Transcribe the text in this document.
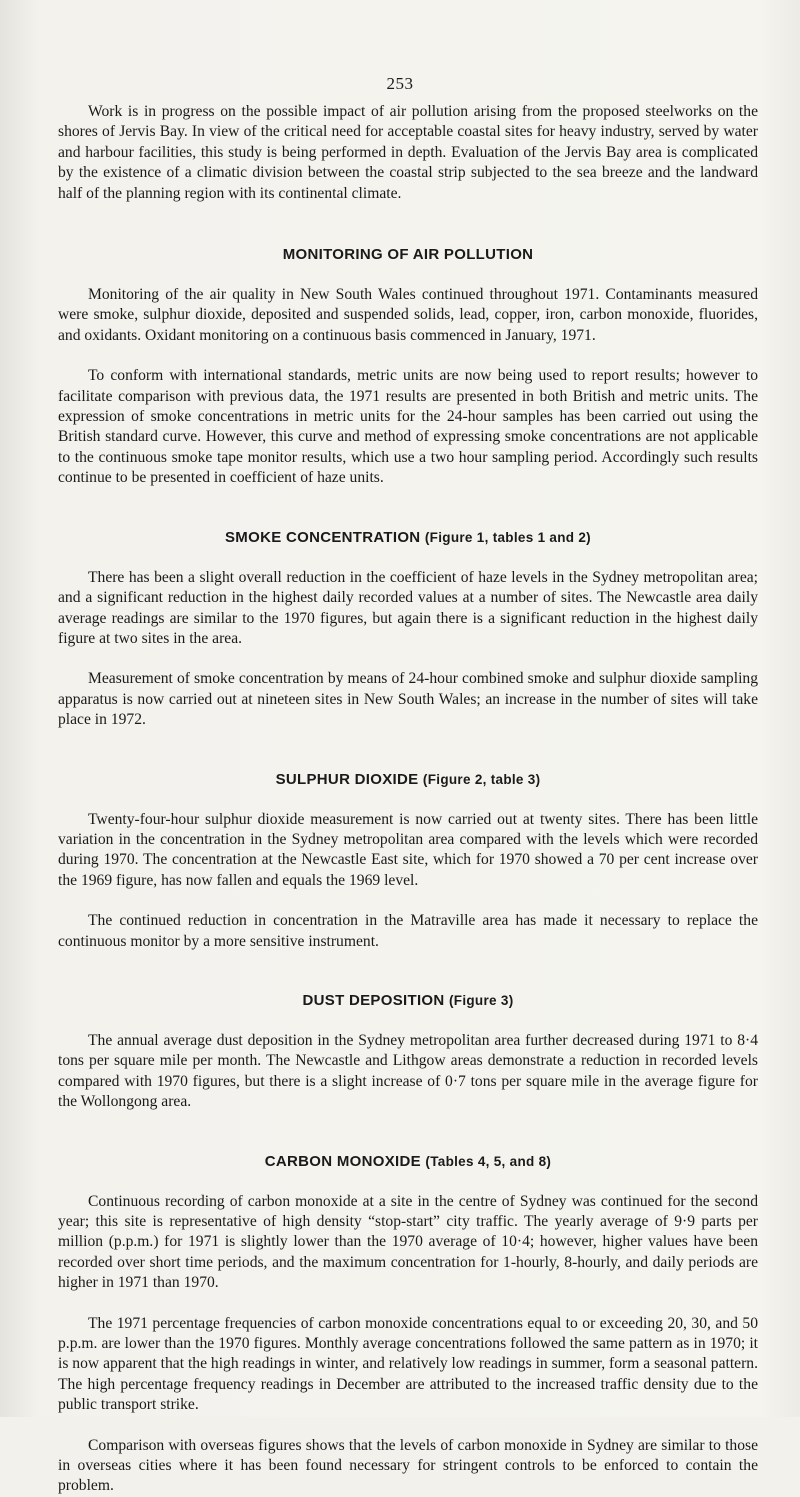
253

Work is in progress on the possible impact of air pollution arising from the proposed steelworks on the shores of Jervis Bay. In view of the critical need for acceptable coastal sites for heavy industry, served by water and harbour facilities, this study is being performed in depth. Evaluation of the Jervis Bay area is complicated by the existence of a climatic division between the coastal strip subjected to the sea breeze and the landward half of the planning region with its continental climate.

MONITORING OF AIR POLLUTION

Monitoring of the air quality in New South Wales continued throughout 1971. Contaminants measured were smoke, sulphur dioxide, deposited and suspended solids, lead, copper, iron, carbon monoxide, fluorides, and oxidants. Oxidant monitoring on a continuous basis commenced in January, 1971.

To conform with international standards, metric units are now being used to report results; however to facilitate comparison with previous data, the 1971 results are presented in both British and metric units. The expression of smoke concentrations in metric units for the 24-hour samples has been carried out using the British standard curve. However, this curve and method of expressing smoke concentrations are not applicable to the continuous smoke tape monitor results, which use a two hour sampling period. Accordingly such results continue to be presented in coefficient of haze units.

SMOKE CONCENTRATION (Figure 1, tables 1 and 2)

There has been a slight overall reduction in the coefficient of haze levels in the Sydney metropolitan area; and a significant reduction in the highest daily recorded values at a number of sites. The Newcastle area daily average readings are similar to the 1970 figures, but again there is a significant reduction in the highest daily figure at two sites in the area.

Measurement of smoke concentration by means of 24-hour combined smoke and sulphur dioxide sampling apparatus is now carried out at nineteen sites in New South Wales; an increase in the number of sites will take place in 1972.

SULPHUR DIOXIDE (Figure 2, table 3)

Twenty-four-hour sulphur dioxide measurement is now carried out at twenty sites. There has been little variation in the concentration in the Sydney metropolitan area compared with the levels which were recorded during 1970. The concentration at the Newcastle East site, which for 1970 showed a 70 per cent increase over the 1969 figure, has now fallen and equals the 1969 level.

The continued reduction in concentration in the Matraville area has made it necessary to replace the continuous monitor by a more sensitive instrument.

DUST DEPOSITION (Figure 3)

The annual average dust deposition in the Sydney metropolitan area further decreased during 1971 to 8·4 tons per square mile per month. The Newcastle and Lithgow areas demonstrate a reduction in recorded levels compared with 1970 figures, but there is a slight increase of 0·7 tons per square mile in the average figure for the Wollongong area.

CARBON MONOXIDE (Tables 4, 5, and 8)

Continuous recording of carbon monoxide at a site in the centre of Sydney was continued for the second year; this site is representative of high density “stop-start” city traffic. The yearly average of 9·9 parts per million (p.p.m.) for 1971 is slightly lower than the 1970 average of 10·4; however, higher values have been recorded over short time periods, and the maximum concentration for 1-hourly, 8-hourly, and daily periods are higher in 1971 than 1970.

The 1971 percentage frequencies of carbon monoxide concentrations equal to or exceeding 20, 30, and 50 p.p.m. are lower than the 1970 figures. Monthly average concentrations followed the same pattern as in 1970; it is now apparent that the high readings in winter, and relatively low readings in summer, form a seasonal pattern. The high percentage frequency readings in December are attributed to the increased traffic density due to the public transport strike.

Comparison with overseas figures shows that the levels of carbon monoxide in Sydney are similar to those in overseas cities where it has been found necessary for stringent controls to be enforced to contain the problem.
